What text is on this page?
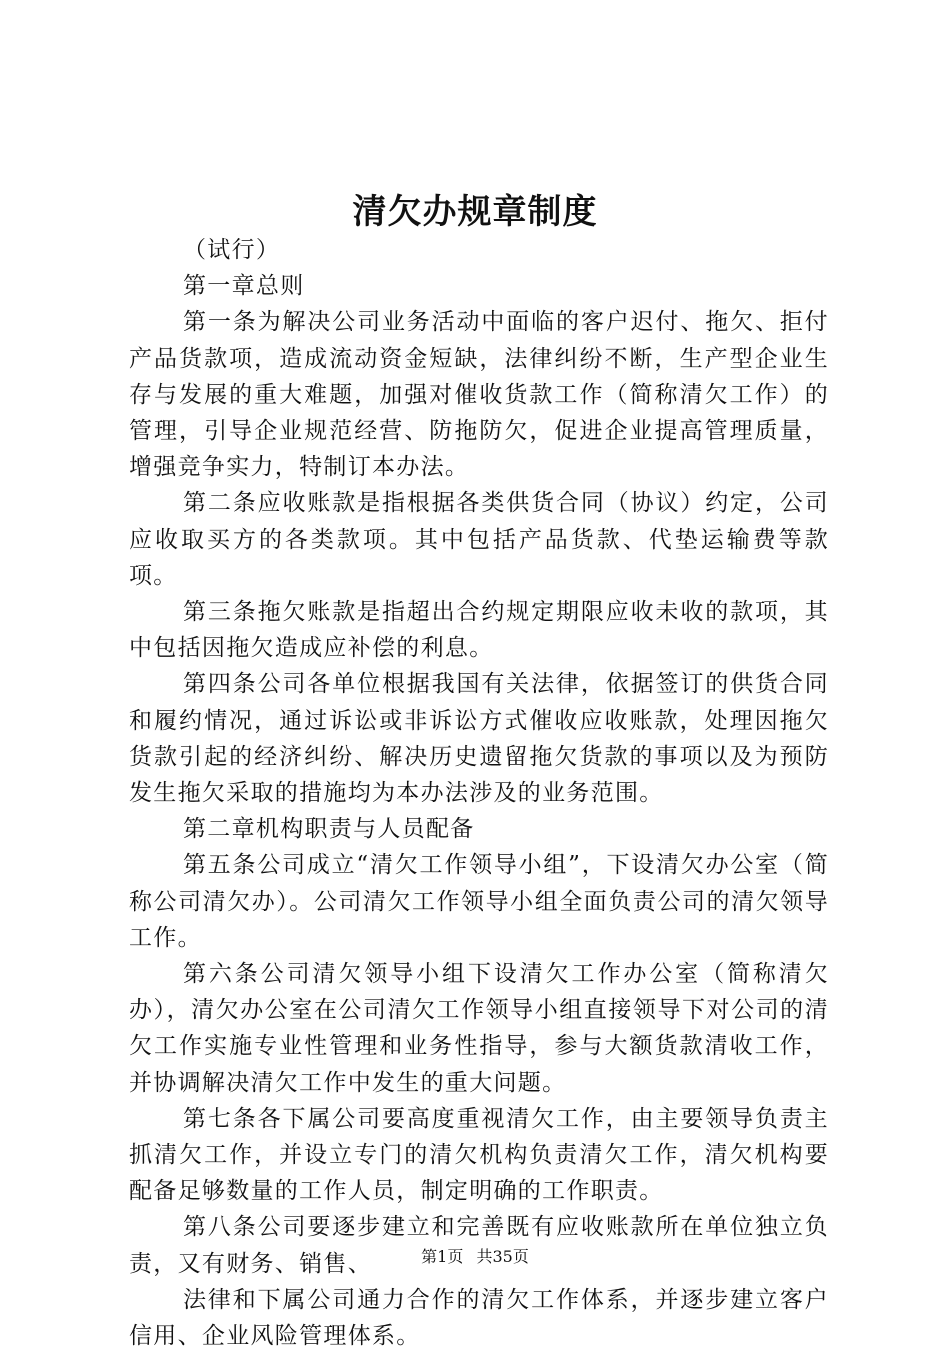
清欠办规章制度

（试行）

第一章总则

第一条为解决公司业务活动中面临的客户迟付、拖欠、拒付产品货款项，造成流动资金短缺，法律纠纷不断，生产型企业生存与发展的重大难题，加强对催收货款工作（简称清欠工作）的管理，引导企业规范经营、防拖防欠，促进企业提高管理质量，增强竞争实力，特制订本办法。

第二条应收账款是指根据各类供货合同（协议）约定，公司应收取买方的各类款项。其中包括产品货款、代垫运输费等款项。

第三条拖欠账款是指超出合约规定期限应收未收的款项，其中包括因拖欠造成应补偿的利息。

第四条公司各单位根据我国有关法律，依据签订的供货合同和履约情况，通过诉讼或非诉讼方式催收应收账款，处理因拖欠货款引起的经济纠纷、解决历史遗留拖欠货款的事项以及为预防发生拖欠采取的措施均为本办法涉及的业务范围。

第二章机构职责与人员配备

第五条公司成立“清欠工作领导小组”，下设清欠办公室（简称公司清欠办）。公司清欠工作领导小组全面负责公司的清欠领导工作。

第六条公司清欠领导小组下设清欠工作办公室（简称清欠办），清欠办公室在公司清欠工作领导小组直接领导下对公司的清欠工作实施专业性管理和业务性指导，参与大额货款清收工作，并协调解决清欠工作中发生的重大问题。

第七条各下属公司要高度重视清欠工作，由主要领导负责主抓清欠工作，并设立专门的清欠机构负责清欠工作，清欠机构要配备足够数量的工作人员，制定明确的工作职责。

第八条公司要逐步建立和完善既有应收账款所在单位独立负责，又有财务、销售、

法律和下属公司通力合作的清欠工作体系，并逐步建立客户信用、企业风险管理体系。

第1页 共35页
